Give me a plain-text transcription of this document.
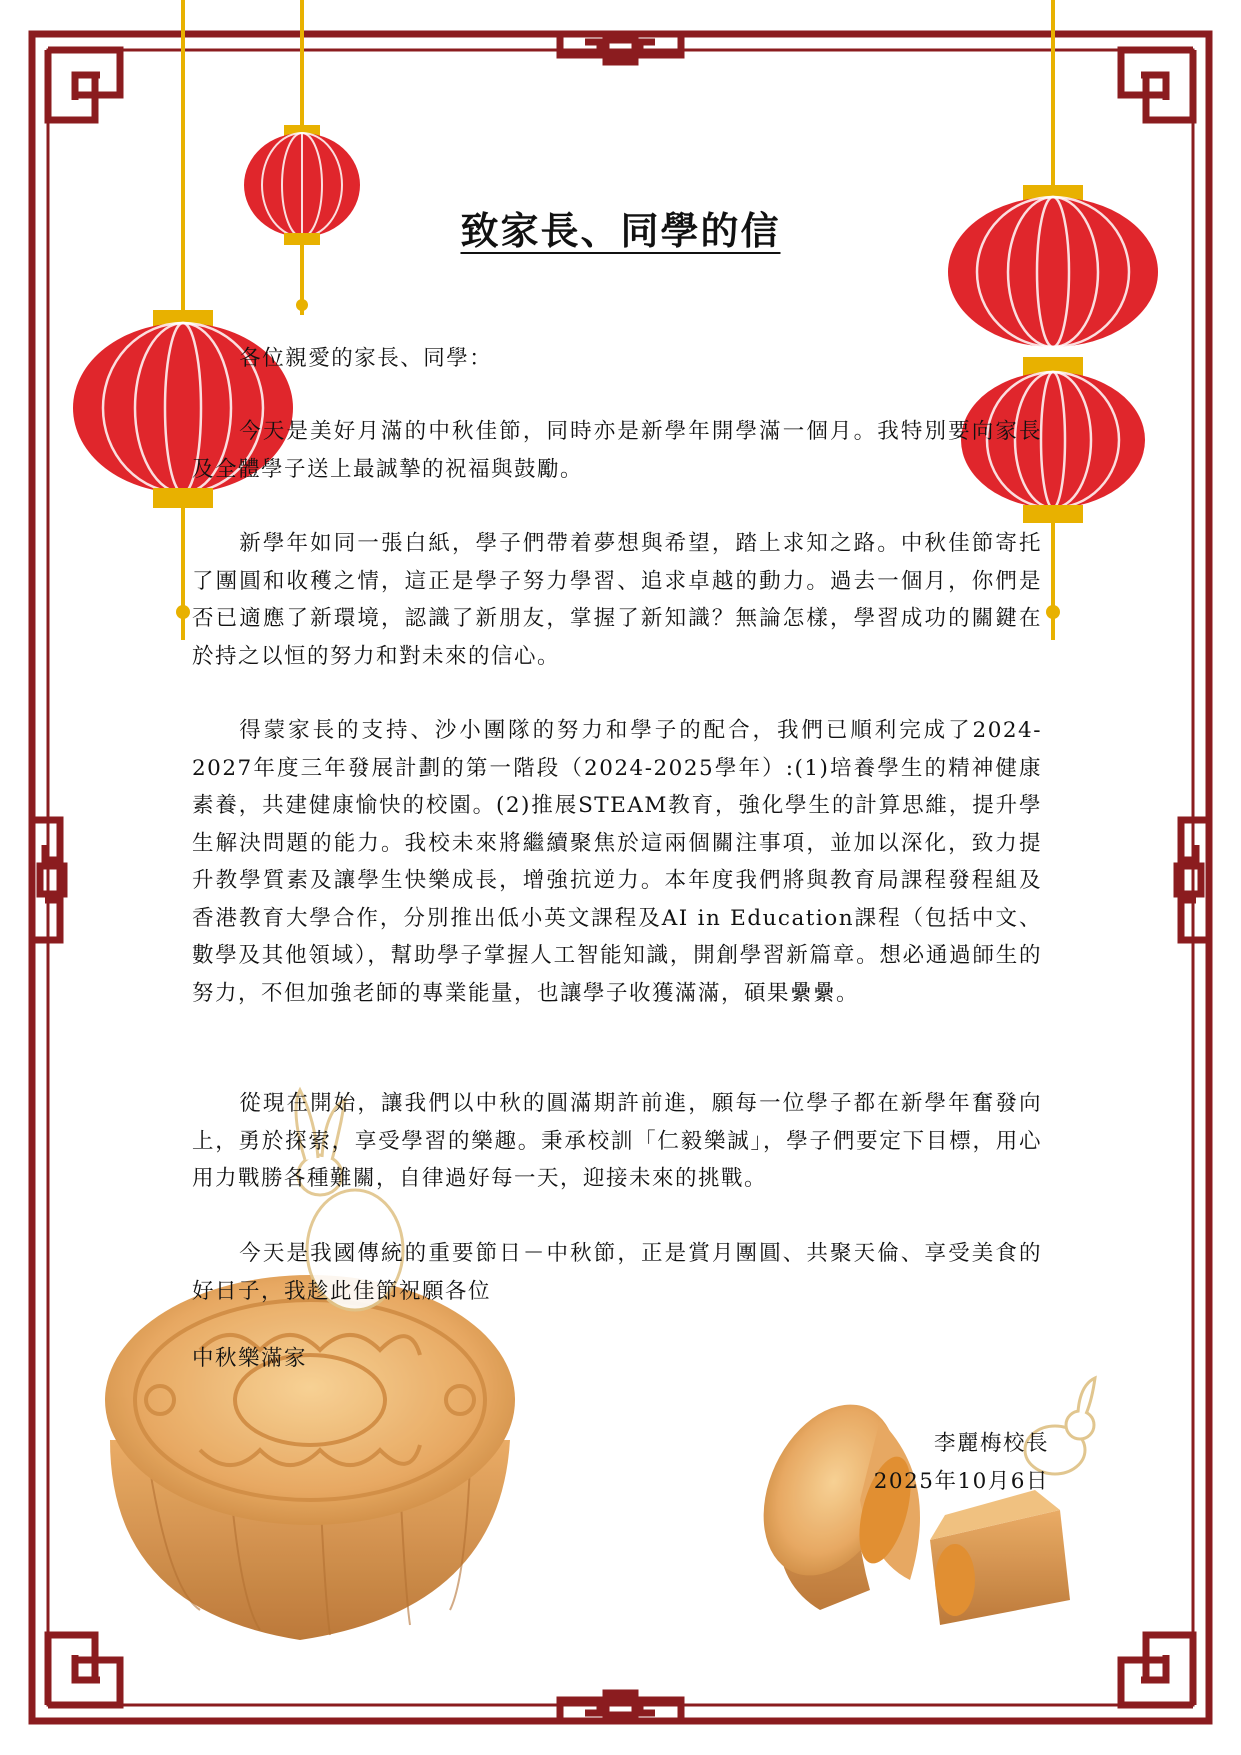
致家長、同學的信

各位親愛的家長、同學：

今天是美好月滿的中秋佳節，同時亦是新學年開學滿一個月。我特別要向家長及全體學子送上最誠摯的祝福與鼓勵。

新學年如同一張白紙，學子們帶着夢想與希望，踏上求知之路。中秋佳節寄托了團圓和收穫之情，這正是學子努力學習、追求卓越的動力。過去一個月，你們是否已適應了新環境，認識了新朋友，掌握了新知識？無論怎樣，學習成功的關鍵在於持之以恒的努力和對未來的信心。

得蒙家長的支持、沙小團隊的努力和學子的配合，我們已順利完成了2024-2027年度三年發展計劃的第一階段（2024-2025學年）:(1)培養學生的精神健康素養，共建健康愉快的校園。(2)推展STEAM教育，強化學生的計算思維，提升學生解決問題的能力。我校未來將繼續聚焦於這兩個關注事項，並加以深化，致力提升教學質素及讓學生快樂成長，增強抗逆力。本年度我們將與教育局課程發程組及香港教育大學合作，分別推出低小英文課程及AI in Education課程（包括中文、數學及其他領域），幫助學子掌握人工智能知識，開創學習新篇章。想必通過師生的努力，不但加強老師的專業能量，也讓學子收獲滿滿，碩果纍纍。

從現在開始，讓我們以中秋的圓滿期許前進，願每一位學子都在新學年奮發向上，勇於探索，享受學習的樂趣。秉承校訓「仁毅樂誠」，學子們要定下目標，用心用力戰勝各種難關，自律過好每一天，迎接未來的挑戰。

今天是我國傳統的重要節日－中秋節，正是賞月團圓、共聚天倫、享受美食的好日子，我趁此佳節祝願各位

中秋樂滿家

李麗梅校長
2025年10月6日
